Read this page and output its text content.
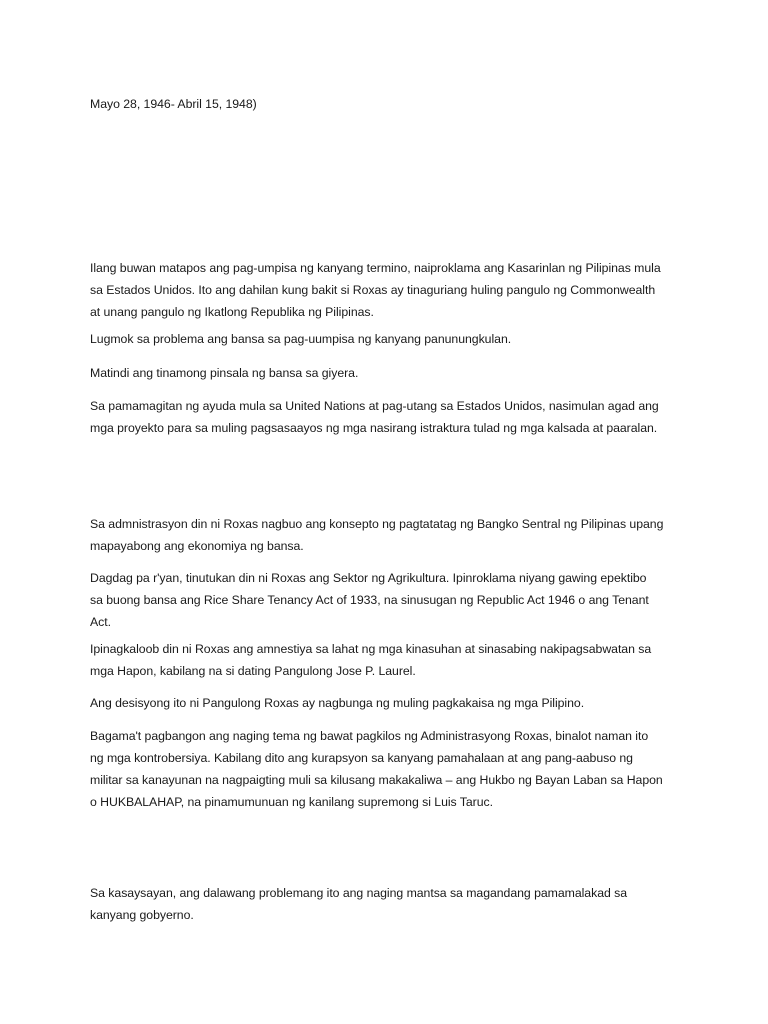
Mayo 28, 1946- Abril 15, 1948)

Ilang buwan matapos ang pag-umpisa ng kanyang termino, naiproklama ang Kasarinlan ng Pilipinas mula
sa Estados Unidos. Ito ang dahilan kung bakit si Roxas ay tinaguriang huling pangulo ng Commonwealth
at unang pangulo ng Ikatlong Republika ng Pilipinas.

Lugmok sa problema ang bansa sa pag-uumpisa ng kanyang panunungkulan.

Matindi ang tinamong pinsala ng bansa sa giyera.

Sa pamamagitan ng ayuda mula sa United Nations at pag-utang sa Estados Unidos, nasimulan agad ang
mga proyekto para sa muling pagsasaayos ng mga nasirang istraktura tulad ng mga kalsada at paaralan.

Sa admnistrasyon din ni Roxas nagbuo ang konsepto ng pagtatatag ng Bangko Sentral ng Pilipinas upang
mapayabong ang ekonomiya ng bansa.

Dagdag pa r'yan, tinutukan din ni Roxas ang Sektor ng Agrikultura. Ipinroklama niyang gawing epektibo
sa buong bansa ang Rice Share Tenancy Act of 1933, na sinusugan ng Republic Act 1946 o ang Tenant
Act.

Ipinagkaloob din ni Roxas ang amnestiya sa lahat ng mga kinasuhan at sinasabing nakipagsabwatan sa
mga Hapon, kabilang na si dating Pangulong Jose P. Laurel.

Ang desisyong ito ni Pangulong Roxas ay nagbunga ng muling pagkakaisa ng mga Pilipino.

Bagama't pagbangon ang naging tema ng bawat pagkilos ng Administrasyong Roxas, binalot naman ito
ng mga kontrobersiya. Kabilang dito ang kurapsyon sa kanyang pamahalaan at ang pang-aabuso ng
militar sa kanayunan na nagpaigting muli sa kilusang makakaliwa – ang Hukbo ng Bayan Laban sa Hapon
o HUKBALAHAP, na pinamumunuan ng kanilang supremong si Luis Taruc.

Sa kasaysayan, ang dalawang problemang ito ang naging mantsa sa magandang pamamalakad sa
kanyang gobyerno.
